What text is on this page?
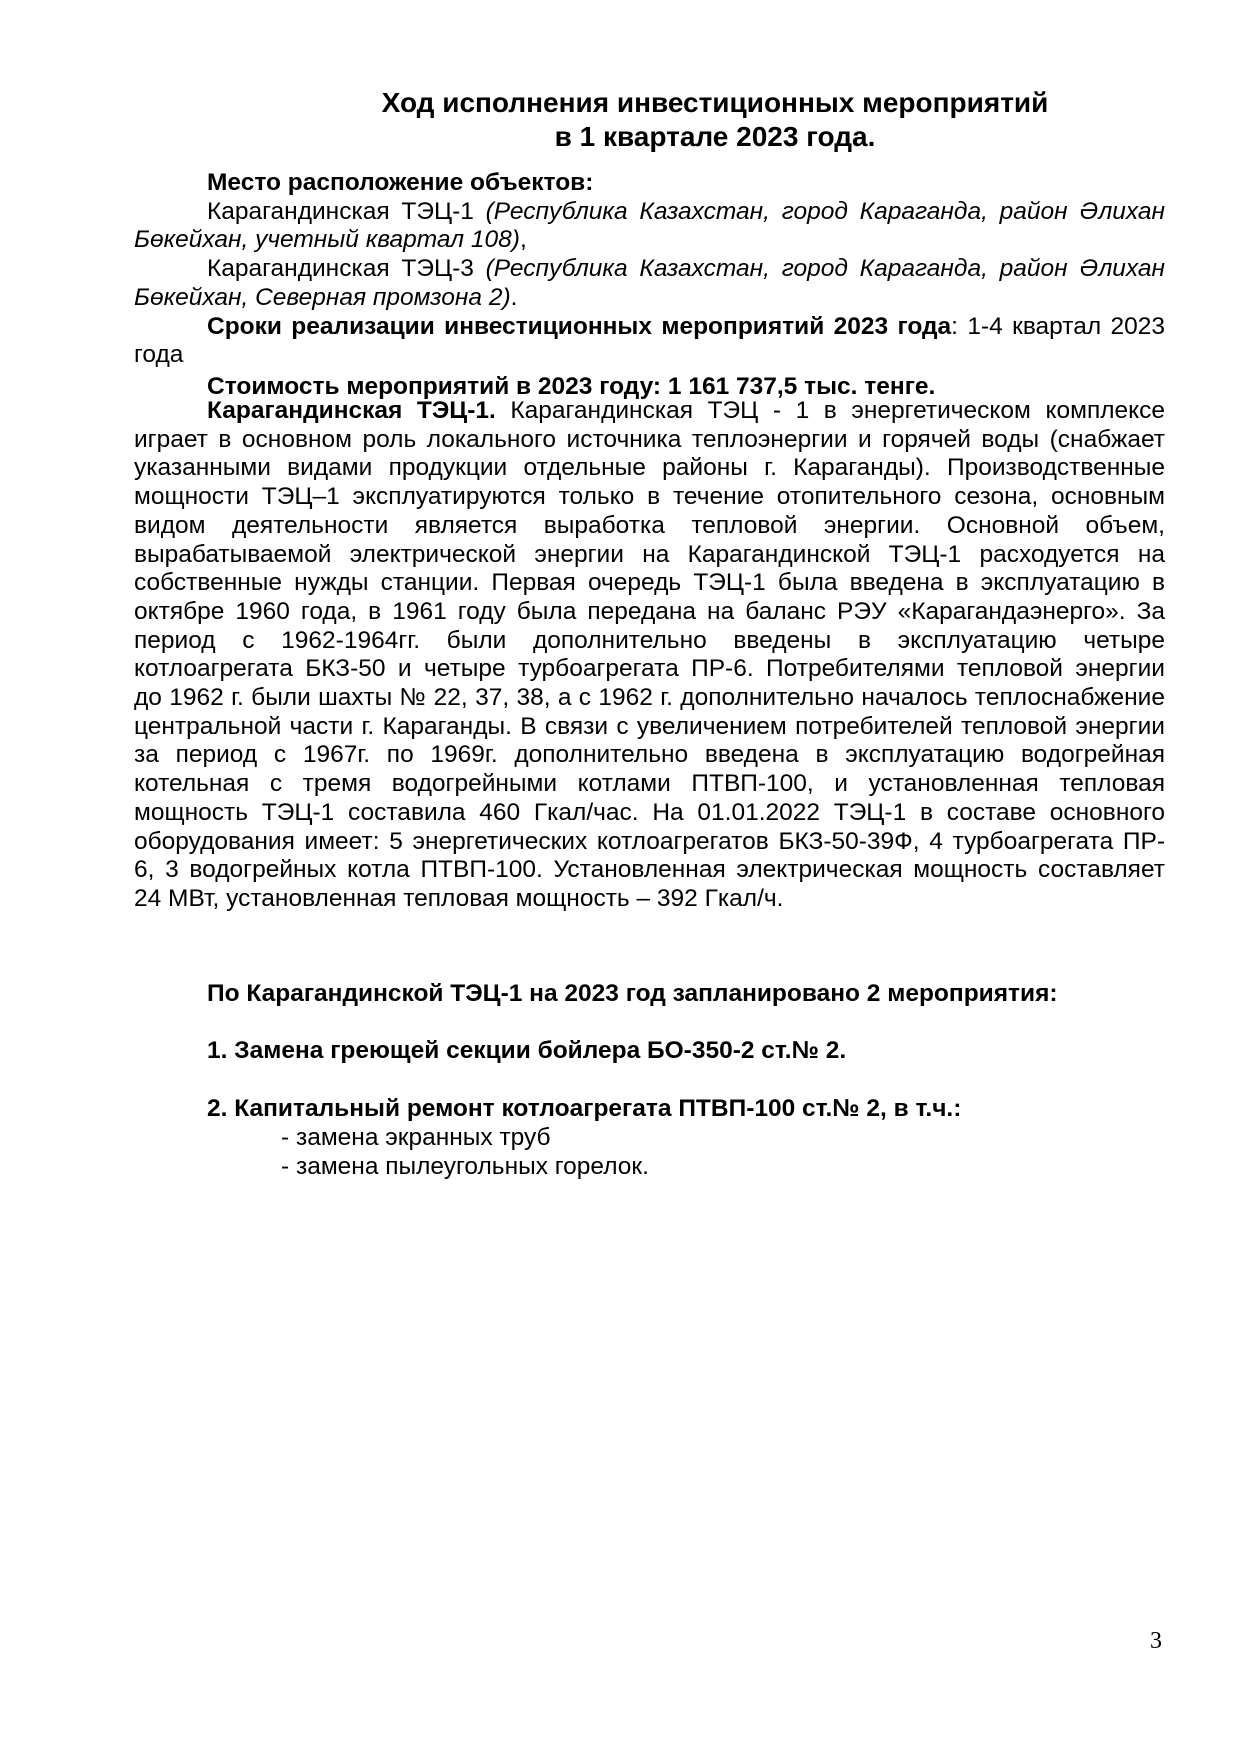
Ход исполнения инвестиционных мероприятий
в 1 квартале 2023 года.

Место расположение объектов:

Карагандинская ТЭЦ-1 (Республика Казахстан, город Караганда, район Әлихан

Бөкейхан, учетный квартал 108),

Карагандинская ТЭЦ-3 (Республика Казахстан, город Караганда, район Әлихан

Бөкейхан, Северная промзона 2).

Сроки реализации инвестиционных мероприятий 2023 года: 1-4 квартал 2023

года

Стоимость мероприятий в 2023 году: 1 161 737,5 тыс. тенге.

Карагандинская ТЭЦ-1. Карагандинская ТЭЦ - 1 в энергетическом комплексе

играет в основном роль локального источника теплоэнергии и горячей воды (снабжает

указанными видами продукции отдельные районы г. Караганды). Производственные

мощности ТЭЦ–1 эксплуатируются только в течение отопительного сезона, основным

видом деятельности является выработка тепловой энергии. Основной объем,

вырабатываемой электрической энергии на Карагандинской ТЭЦ-1 расходуется на

собственные нужды станции. Первая очередь ТЭЦ-1 была введена в эксплуатацию в

октябре 1960 года, в 1961 году была передана на баланс РЭУ «Карагандаэнерго». За

период с 1962-1964гг. были дополнительно введены в эксплуатацию четыре

котлоагрегата БКЗ-50 и четыре турбоагрегата ПР-6. Потребителями тепловой энергии

до 1962 г. были шахты № 22, 37, 38, а с 1962 г. дополнительно началось теплоснабжение

центральной части г. Караганды. В связи с увеличением потребителей тепловой энергии

за период с 1967г. по 1969г. дополнительно введена в эксплуатацию водогрейная

котельная с тремя водогрейными котлами ПТВП-100, и установленная тепловая

мощность ТЭЦ-1 составила 460 Гкал/час. На 01.01.2022 ТЭЦ-1 в составе основного

оборудования имеет: 5 энергетических котлоагрегатов БКЗ-50-39Ф, 4 турбоагрегата ПР-

6, 3 водогрейных котла ПТВП-100. Установленная электрическая мощность составляет

24 МВт, установленная тепловая мощность – 392 Гкал/ч.

По Карагандинской ТЭЦ-1 на 2023 год запланировано 2 мероприятия:

1. Замена греющей секции бойлера БО-350-2 ст.№ 2.

2. Капитальный ремонт котлоагрегата ПТВП-100 ст.№ 2, в т.ч.:

- замена экранных труб
- замена пылеугольных горелок.
3
